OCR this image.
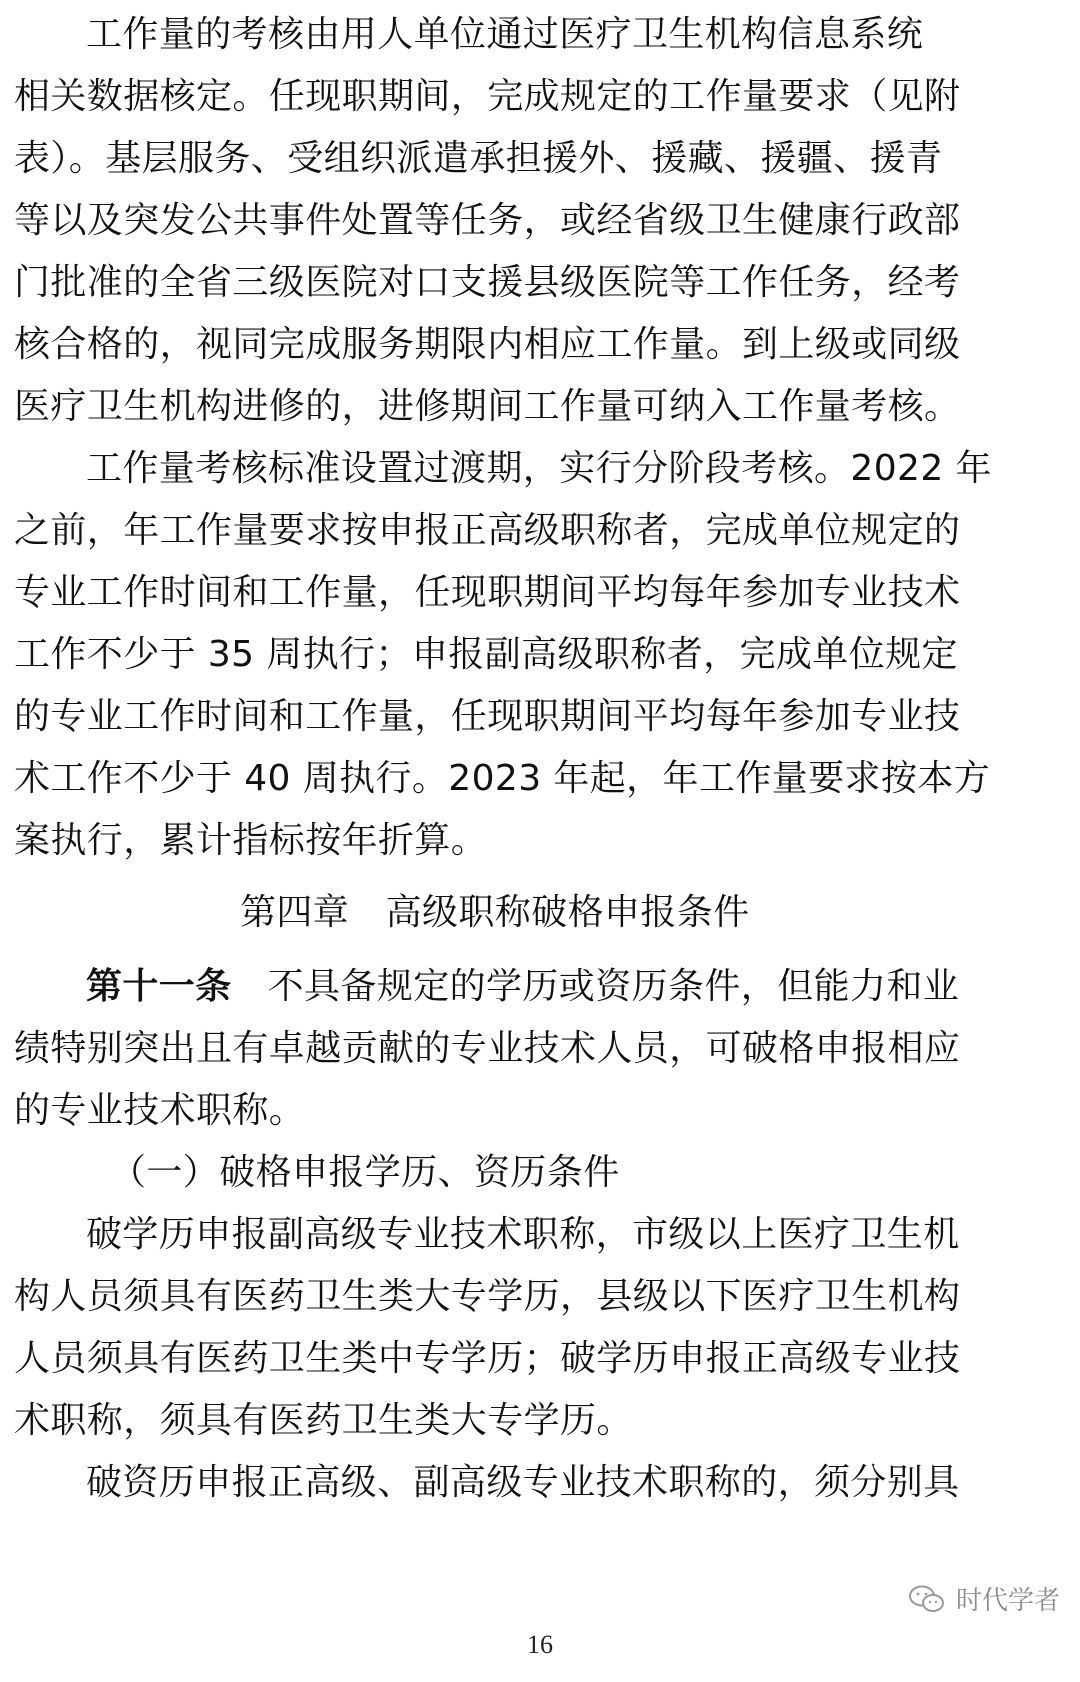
工作量的考核由用人单位通过医疗卫生机构信息系统
相关数据核定。任现职期间，完成规定的工作量要求（见附
表）。基层服务、受组织派遣承担援外、援藏、援疆、援青
等以及突发公共事件处置等任务，或经省级卫生健康行政部
门批准的全省三级医院对口支援县级医院等工作任务，经考
核合格的，视同完成服务期限内相应工作量。到上级或同级
医疗卫生机构进修的，进修期间工作量可纳入工作量考核。
工作量考核标准设置过渡期，实行分阶段考核。2022 年
之前，年工作量要求按申报正高级职称者，完成单位规定的
专业工作时间和工作量，任现职期间平均每年参加专业技术
工作不少于 35 周执行；申报副高级职称者，完成单位规定
的专业工作时间和工作量，任现职期间平均每年参加专业技
术工作不少于 40 周执行。2023 年起，年工作量要求按本方
案执行，累计指标按年折算。
第四章　高级职称破格申报条件
第十一条 不具备规定的学历或资历条件，但能力和业
绩特别突出且有卓越贡献的专业技术人员，可破格申报相应
的专业技术职称。
（一）破格申报学历、资历条件
破学历申报副高级专业技术职称，市级以上医疗卫生机
构人员须具有医药卫生类大专学历，县级以下医疗卫生机构
人员须具有医药卫生类中专学历；破学历申报正高级专业技
术职称，须具有医药卫生类大专学历。
破资历申报正高级、副高级专业技术职称的，须分别具
时代学者
16
